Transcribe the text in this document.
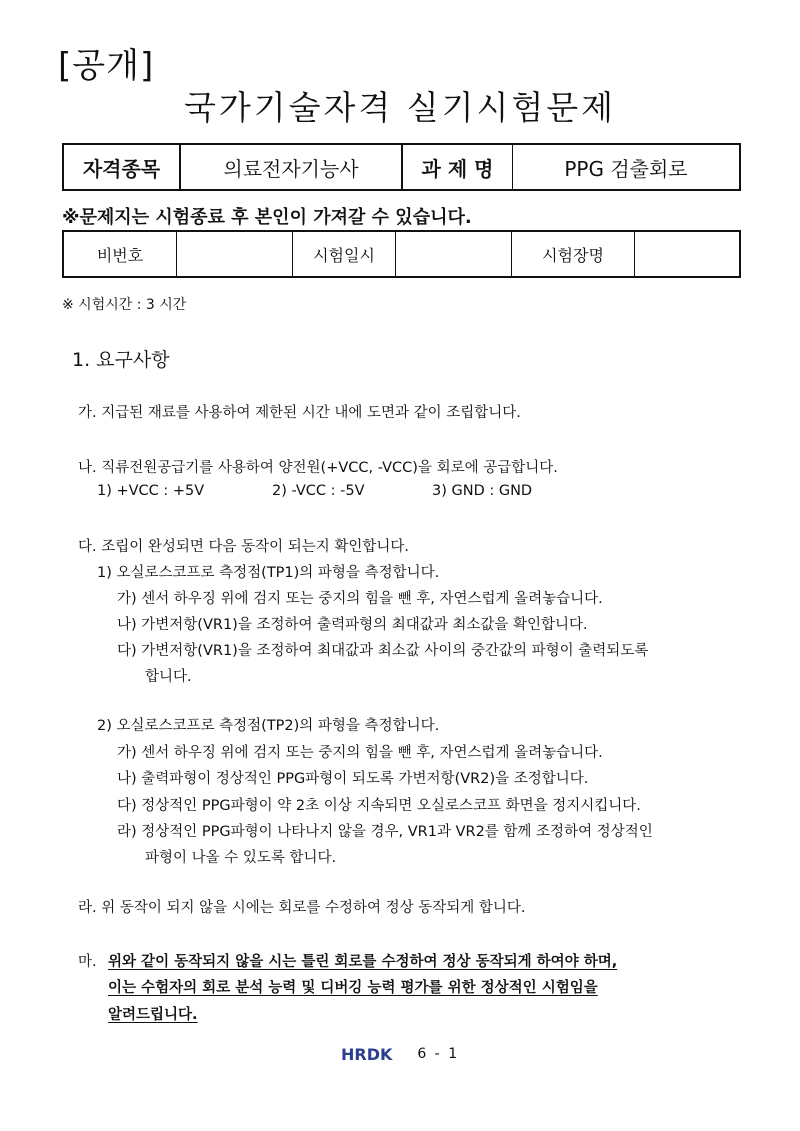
[공개]
국가기술자격 실기시험문제
자격종목	의료전자기능사	과 제 명	PPG 검출회로
※문제지는 시험종료 후 본인이 가져갈 수 있습니다.
비번호		시험일시		시험장명	
※ 시험시간 : 3 시간
1. 요구사항
가. 지급된 재료를 사용하여 제한된 시간 내에 도면과 같이 조립합니다.
나. 직류전원공급기를 사용하여 양전원(+VCC, -VCC)을 회로에 공급합니다.
1) +VCC : +5V	2) -VCC : -5V	3) GND : GND
다. 조립이 완성되면 다음 동작이 되는지 확인합니다.
1) 오실로스코프로 측정점(TP1)의 파형을 측정합니다.
가) 센서 하우징 위에 검지 또는 중지의 힘을 뺀 후, 자연스럽게 올려놓습니다.
나) 가변저항(VR1)을 조정하여 출력파형의 최대값과 최소값을 확인합니다.
다) 가변저항(VR1)을 조정하여 최대값과 최소값 사이의 중간값의 파형이 출력되도록
합니다.
2) 오실로스코프로 측정점(TP2)의 파형을 측정합니다.
가) 센서 하우징 위에 검지 또는 중지의 힘을 뺀 후, 자연스럽게 올려놓습니다.
나) 출력파형이 정상적인 PPG파형이 되도록 가변저항(VR2)을 조정합니다.
다) 정상적인 PPG파형이 약 2초 이상 지속되면 오실로스코프 화면을 정지시킵니다.
라) 정상적인 PPG파형이 나타나지 않을 경우, VR1과 VR2를 함께 조정하여 정상적인
파형이 나올 수 있도록 합니다.
라. 위 동작이 되지 않을 시에는 회로를 수정하여 정상 동작되게 합니다.
마. 위와 같이 동작되지 않을 시는 틀린 회로를 수정하여 정상 동작되게 하여야 하며,
이는 수험자의 회로 분석 능력 및 디버깅 능력 평가를 위한 정상적인 시험임을
알려드립니다.
HRDK 6 - 1
